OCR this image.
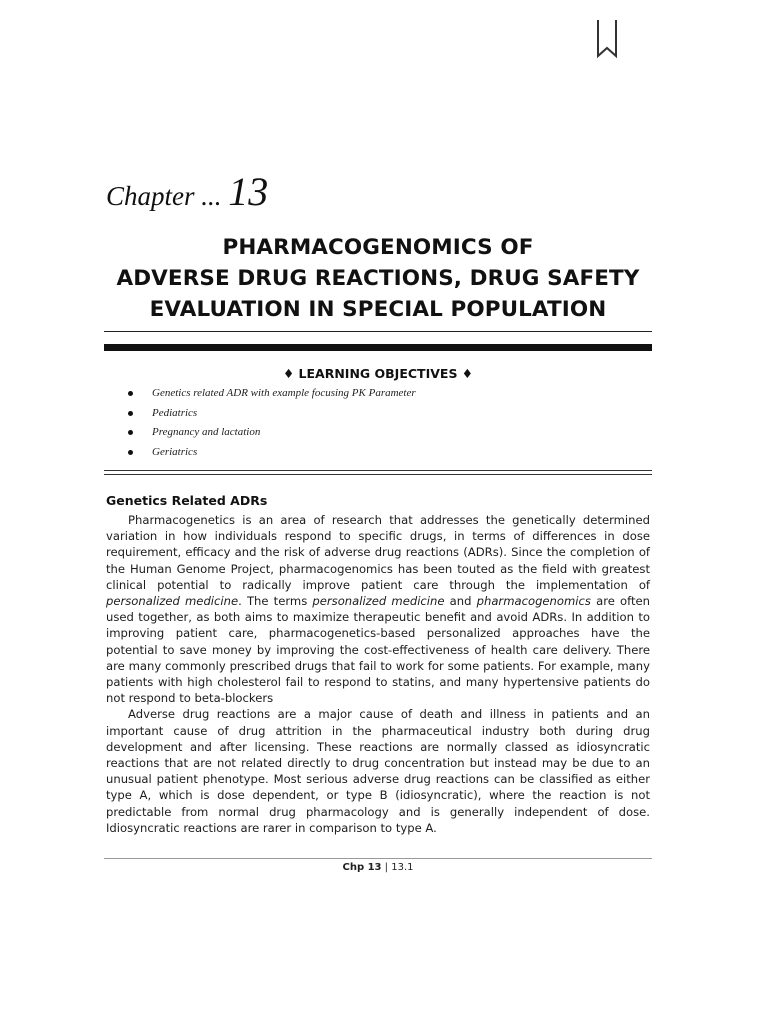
Chapter ... 13
PHARMACOGENOMICS OF
ADVERSE DRUG REACTIONS, DRUG SAFETY
EVALUATION IN SPECIAL POPULATION
♦ LEARNING OBJECTIVES ♦
Genetics related ADR with example focusing PK Parameter
Pediatrics
Pregnancy and lactation
Geriatrics
Genetics Related ADRs

Pharmacogenetics is an area of research that addresses the genetically determined variation in how individuals respond to specific drugs, in terms of differences in dose requirement, efficacy and the risk of adverse drug reactions (ADRs). Since the completion of the Human Genome Project, pharmacogenomics has been touted as the field with greatest clinical potential to radically improve patient care through the implementation of personalized medicine. The terms personalized medicine and pharmacogenomics are often used together, as both aims to maximize therapeutic benefit and avoid ADRs. In addition to improving patient care, pharmacogenetics-based personalized approaches have the potential to save money by improving the cost-effectiveness of health care delivery. There are many commonly prescribed drugs that fail to work for some patients. For example, many patients with high cholesterol fail to respond to statins, and many hypertensive patients do not respond to beta-blockers

Adverse drug reactions are a major cause of death and illness in patients and an important cause of drug attrition in the pharmaceutical industry both during drug development and after licensing. These reactions are normally classed as idiosyncratic reactions that are not related directly to drug concentration but instead may be due to an unusual patient phenotype. Most serious adverse drug reactions can be classified as either type A, which is dose dependent, or type B (idiosyncratic), where the reaction is not predictable from normal drug pharmacology and is generally independent of dose. Idiosyncratic reactions are rarer in comparison to type A.

Chp 13 | 13.1
